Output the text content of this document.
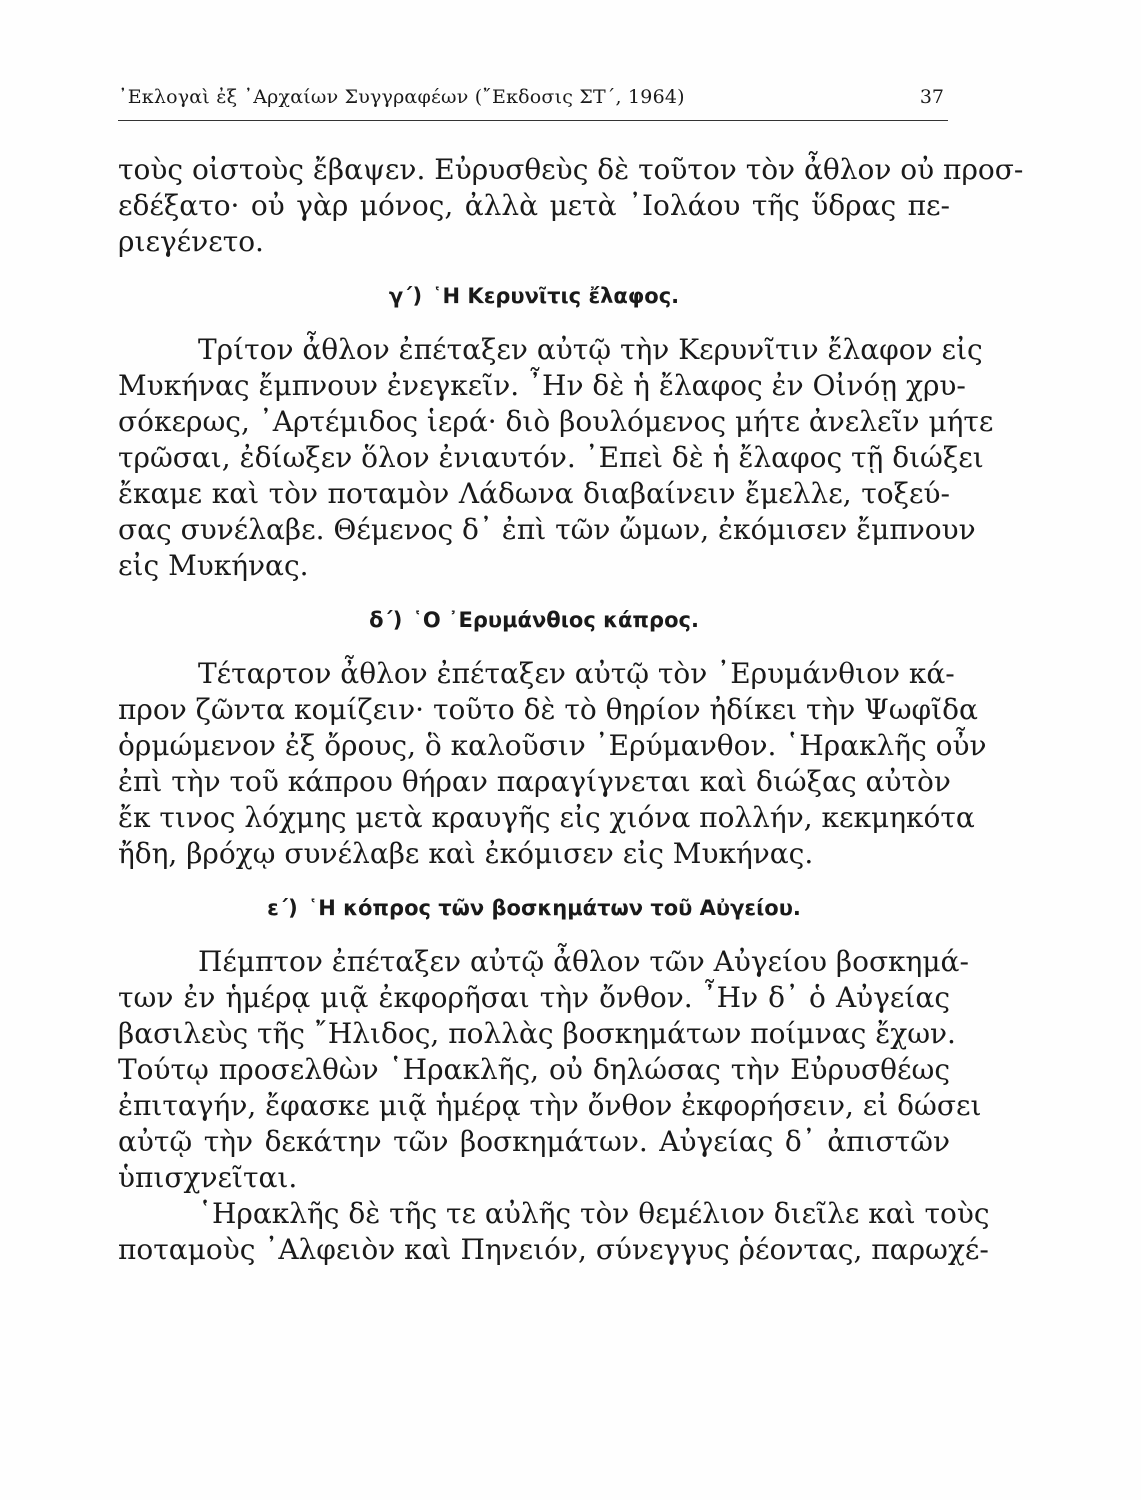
᾿Εκλογαὶ ἐξ ᾿Αρχαίων Συγγραφέων (῎Εκδοσις ΣΤ΄, 1964)	37
τοὺς οἰστοὺς ἔβαψεν. Εὐρυσθεὺς δὲ τοῦτον τὸν ἆθλον οὐ προσ-
εδέξατο· οὐ γὰρ μόνος, ἀλλὰ μετὰ ᾿Ιολάου τῆς ὕδρας πε-
ριεγένετο.
γ΄) ῾Η Κερυνῖτις ἔλαφος.
Τρίτον ἆθλον ἐπέταξεν αὐτῷ τὴν Κερυνῖτιν ἔλαφον εἰς
Μυκήνας ἔμπνουν ἐνεγκεῖν. ῏Ην δὲ ἡ ἔλαφος ἐν Οἰνόῃ χρυ-
σόκερως, ᾿Αρτέμιδος ἱερά· διὸ βουλόμενος μήτε ἀνελεῖν μήτε
τρῶσαι, ἐδίωξεν ὅλον ἐνιαυτόν. ᾿Επεὶ δὲ ἡ ἔλαφος τῇ διώξει
ἔκαμε καὶ τὸν ποταμὸν Λάδωνα διαβαίνειν ἔμελλε, τοξεύ-
σας συνέλαβε. Θέμενος δ᾿ ἐπὶ τῶν ὤμων, ἐκόμισεν ἔμπνουν
εἰς Μυκήνας.
δ΄) ῾Ο ᾿Ερυμάνθιος κάπρος.
Τέταρτον ἆθλον ἐπέταξεν αὐτῷ τὸν ᾿Ερυμάνθιον κά-
προν ζῶντα κομίζειν· τοῦτο δὲ τὸ θηρίον ἠδίκει τὴν Ψωφῖδα
ὁρμώμενον ἐξ ὄρους, ὃ καλοῦσιν ᾿Ερύμανθον. ῾Ηρακλῆς οὖν
ἐπὶ τὴν τοῦ κάπρου θήραν παραγίγνεται καὶ διώξας αὐτὸν
ἔκ τινος λόχμης μετὰ κραυγῆς εἰς χιόνα πολλήν, κεκμηκότα
ἤδη, βρόχῳ συνέλαβε καὶ ἐκόμισεν εἰς Μυκήνας.
ε΄) ῾Η κόπρος τῶν βοσκημάτων τοῦ Αὐγείου.
Πέμπτον ἐπέταξεν αὐτῷ ἆθλον τῶν Αὐγείου βοσκημά-
των ἐν ἡμέρᾳ μιᾷ ἐκφορῆσαι τὴν ὄνθον. ῏Ην δ᾿ ὁ Αὐγείας
βασιλεὺς τῆς ῎Ηλιδος, πολλὰς βοσκημάτων ποίμνας ἔχων.
Τούτῳ προσελθὼν ῾Ηρακλῆς, οὐ δηλώσας τὴν Εὐρυσθέως
ἐπιταγήν, ἔφασκε μιᾷ ἡμέρᾳ τὴν ὄνθον ἐκφορήσειν, εἰ δώσει
αὐτῷ τὴν δεκάτην τῶν βοσκημάτων. Αὐγείας δ᾿ ἀπιστῶν
ὑπισχνεῖται.
῾Ηρακλῆς δὲ τῆς τε αὐλῆς τὸν θεμέλιον διεῖλε καὶ τοὺς
ποταμοὺς ᾿Αλφειὸν καὶ Πηνειόν, σύνεγγυς ῥέοντας, παρωχέ-
